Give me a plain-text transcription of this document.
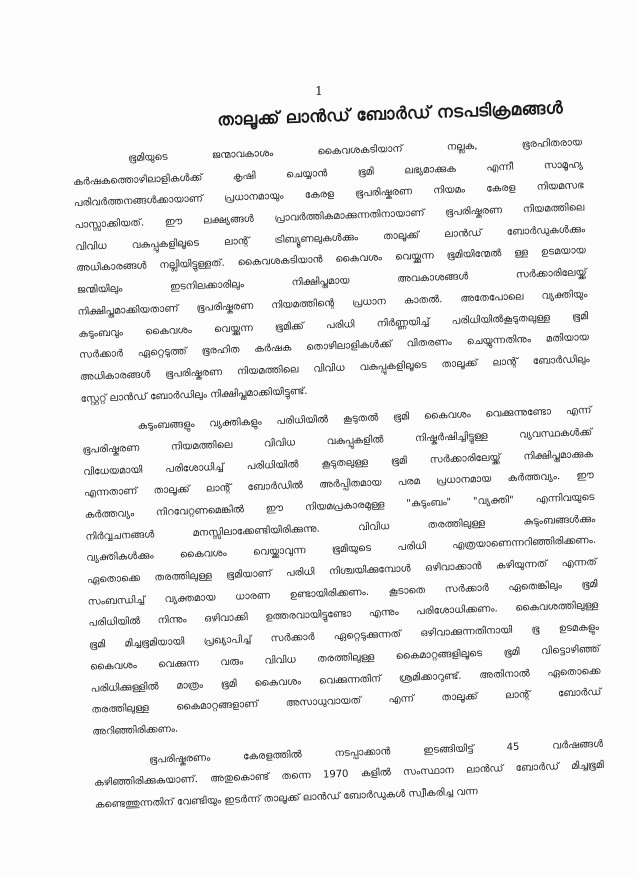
1
താലൂക്ക് ലാൻഡ് ബോർഡ് നടപടിക്രമങ്ങൾ
ഭൂമിയുടെ ജന്മാവകാശം കൈവശകടിയാന് നല്ലക, ഭൂരഹിതരായ
കർഷകത്തൊഴിലാളികൾക്ക് കൃഷി ചെയ്യാൻ ഭൂമി ലഭ്യമാക്കുക എന്നീ സാമൂഹ്യ
പരിവർത്തനങ്ങൾക്കായാണ് പ്രധാനമായും കേരള ഭൂപരിഷ്കരണ നിയമം കേരള നിയമസഭ
പാസ്സാക്കിയത്. ഈ ലക്ഷ്യങ്ങൾ പ്രാവർത്തികമാക്കുന്നതിനായാണ് ഭൂപരിഷ്കരണ നിയമത്തിലെ
വിവിധ വകുപ്പുകളിലൂടെ ലാന്റ് ട്രിബ്യൂണലുകൾക്കും താലൂക്ക് ലാൻഡ് ബോർഡുകൾക്കും
അധികാരങ്ങൾ നല്ലിയിട്ടുള്ളത്. കൈവശകടിയാൻ കൈവശം വെയ്ക്കുന്ന ഭൂമിയിന്മേൽ ള്ള ഉടമയായ
ജന്മിയിലും ഇടനിലക്കാരിലും നിക്ഷിപ്തമായ അവകാശങ്ങൾ സർക്കാരിലേയ്ക്ക്
നിക്ഷിപ്തമാക്കിയതാണ് ഭൂപരിഷ്കരണ നിയമത്തിന്റെ പ്രധാന കാതൽ. അതേപോലെ വ്യക്തിയും
കുടുംബവും കൈവശം വെയ്ക്കുന്ന ഭൂമിക്ക് പരിധി നിർണ്ണയിച്ച് പരിധിയിൽകൂടുതലുള്ള ഭൂമി
സർക്കാർ ഏറ്റെടുത്ത് ഭൂരഹിത കർഷക തൊഴിലാളികൾക്ക് വിതരണം ചെയ്യുന്നതിനും മതിയായ
അധികാരങ്ങൾ ഭൂപരിഷ്കരണ നിയമത്തിലെ വിവിധ വകുപ്പുകളിലൂടെ താലൂക്ക് ലാന്റ് ബോർഡിലും
സ്റ്റേറ്റ് ലാൻഡ് ബോർഡിലും നിക്ഷിപ്തമാക്കിയിട്ടുണ്ട്.
കുടുംബങ്ങളും വ്യക്തികളും പരിധിയിൽ കൂടുതൽ ഭൂമി കൈവശം വെക്കുന്നുണ്ടോ എന്ന്
ഭൂപരിഷ്കരണ നിയമത്തിലെ വിവിധ വകുപ്പുകളിൽ നിഷ്കർഷിച്ചിട്ടുള്ള വ്യവസ്ഥകൾക്ക്
വിധേയമായി പരിശോധിച്ച് പരിധിയിൽ കൂടുതലുള്ള ഭൂമി സർക്കാരിലേയ്ക്ക് നിക്ഷിപ്തമാക്കുക
എന്നതാണ് താലൂക്ക് ലാന്റ് ബോർഡിൽ അർപ്പിതമായ പരമ പ്രധാനമായ കർത്തവ്യം. ഈ
കർത്തവ്യം നിറവേറ്റണമെങ്കിൽ ഈ നിയമപ്രകാരമുള്ള "കുടുംബം" "വ്യക്തി" എന്നിവയുടെ
നിർവ്വചനങ്ങൾ മനസ്സിലാക്കേണ്ടിയിരിക്കുന്നു. വിവിധ തരത്തിലുള്ള കുടുംബങ്ങൾക്കും
വ്യക്തികൾക്കും കൈവശം വെയ്ക്കാവുന്ന ഭൂമിയുടെ പരിധി എത്രയാണെന്നറിഞ്ഞിരിക്കണം.
ഏതൊക്കെ തരത്തിലുള്ള ഭൂമിയാണ് പരിധി നിശ്ചയിക്കുമ്പോൾ ഒഴിവാക്കാൻ കഴിയുന്നത് എന്നത്
സംബന്ധിച്ച് വ്യക്തമായ ധാരണ ഉണ്ടായിരിക്കണം. കൂടാതെ സർക്കാർ ഏതെങ്കിലും ഭൂമി
പരിധിയിൽ നിന്നും ഒഴിവാക്കി ഉത്തരവായിട്ടുണ്ടോ എന്നും പരിശോധിക്കണം. കൈവശത്തിലുള്ള
ഭൂമി മിച്ചഭൂമിയായി പ്രഖ്യാപിച്ച് സർക്കാർ ഏറ്റെടുക്കുന്നത് ഒഴിവാക്കുന്നതിനായി ഭൂ ഉടമകളും
കൈവശം വെക്കുന്ന വരും വിവിധ തരത്തിലുള്ള കൈമാറ്റങ്ങളിലൂടെ ഭൂമി വിട്ടൊഴിഞ്ഞ്
പരിധിക്കുള്ളിൽ മാത്രം ഭൂമി കൈവശം വെക്കുന്നതിന് ശ്രമിക്കാറുണ്ട്. അതിനാൽ ഏതൊക്കെ
തരത്തിലുള്ള കൈമാറ്റങ്ങളാണ് അസാധുവായത് എന്ന് താലൂക്ക് ലാന്റ് ബോർഡ്
അറിഞ്ഞിരിക്കണം.
ഭൂപരിഷ്കരണം കേരളത്തിൽ നടപ്പാക്കാൻ ഇടങ്ങിയിട്ട് 45 വർഷങ്ങൾ
കഴിഞ്ഞിരിക്കുകയാണ്. അതുകൊണ്ട് തന്നെ 1970 കളിൽ സംസ്ഥാന ലാൻഡ് ബോർഡ് മിച്ചഭൂമി
കണ്ടെത്തുന്നതിന് വേണ്ടിയും ഇടർന്ന് താലൂക്ക് ലാൻഡ് ബോർഡുകൾ സ്വീകരിച്ച വന്ന
